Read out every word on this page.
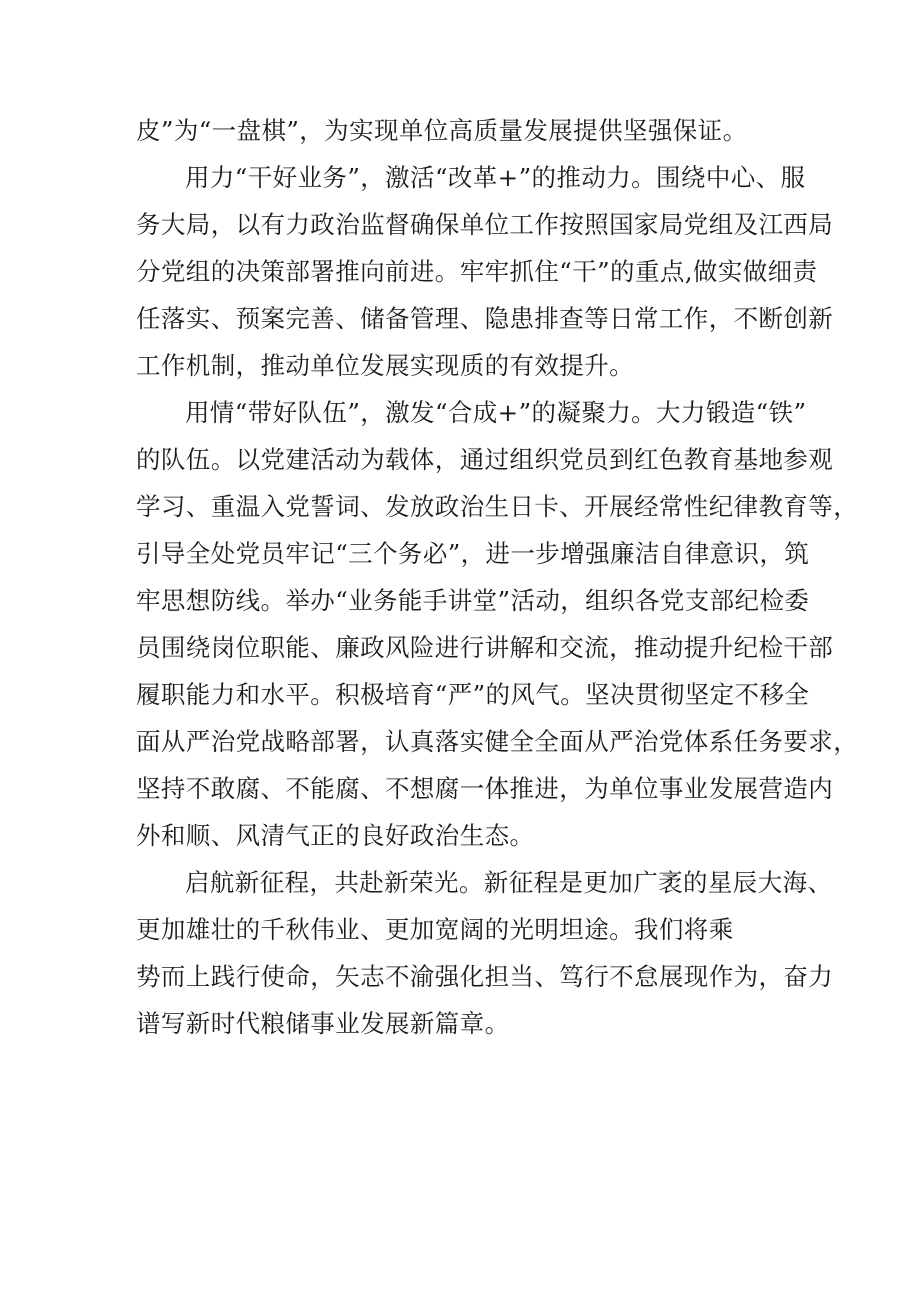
皮”为“一盘棋”，为实现单位高质量发展提供坚强保证。
用力“干好业务”，激活“改革+”的推动力。围绕中心、服
务大局，以有力政治监督确保单位工作按照国家局党组及江西局
分党组的决策部署推向前进。牢牢抓住“干”的重点,做实做细责
任落实、预案完善、储备管理、隐患排查等日常工作，不断创新
工作机制，推动单位发展实现质的有效提升。
用情“带好队伍”，激发“合成+”的凝聚力。大力锻造“铁”
的队伍。以党建活动为载体，通过组织党员到红色教育基地参观
学习、重温入党誓词、发放政治生日卡、开展经常性纪律教育等，
引导全处党员牢记“三个务必”，进一步增强廉洁自律意识，筑
牢思想防线。举办“业务能手讲堂”活动，组织各党支部纪检委
员围绕岗位职能、廉政风险进行讲解和交流，推动提升纪检干部
履职能力和水平。积极培育“严”的风气。坚决贯彻坚定不移全
面从严治党战略部署，认真落实健全全面从严治党体系任务要求，
坚持不敢腐、不能腐、不想腐一体推进，为单位事业发展营造内
外和顺、风清气正的良好政治生态。
启航新征程，共赴新荣光。新征程是更加广袤的星辰大海、
更加雄壮的千秋伟业、更加宽阔的光明坦途。我们将乘
势而上践行使命，矢志不渝强化担当、笃行不怠展现作为，奋力
谱写新时代粮储事业发展新篇章。
